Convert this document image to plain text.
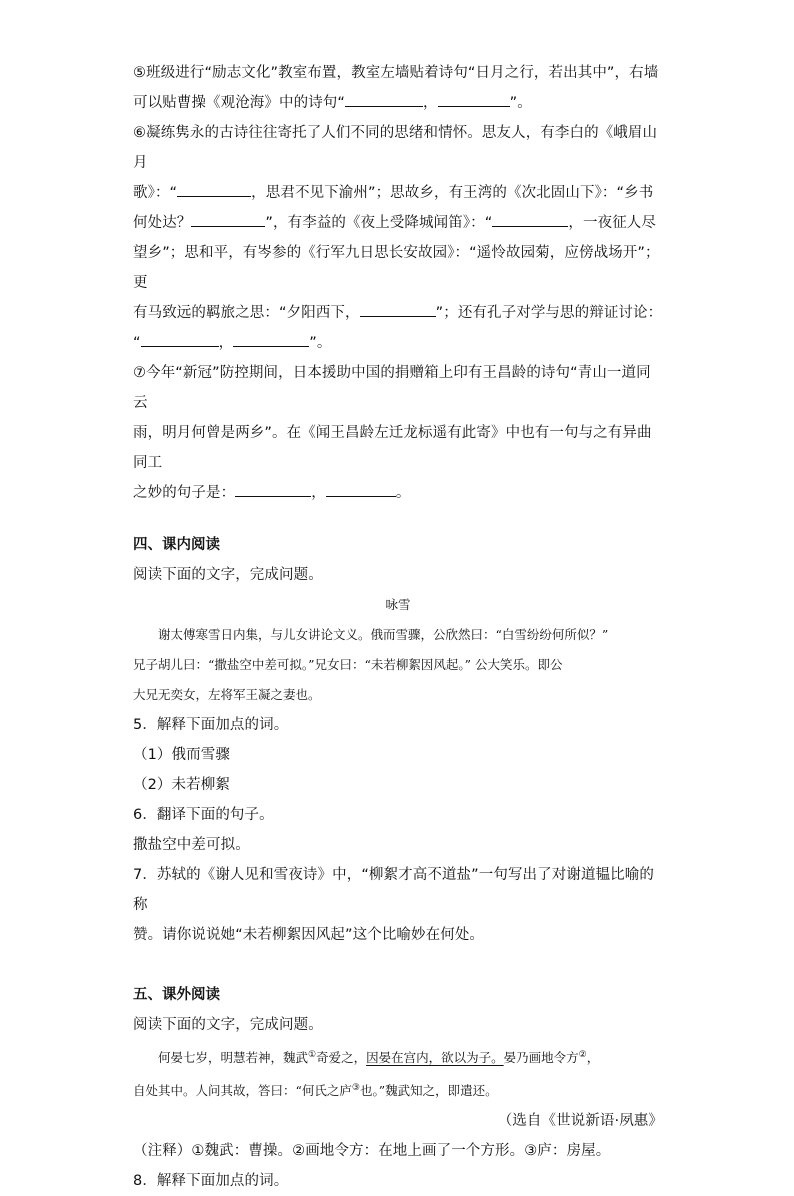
⑤班级进行“励志文化”教室布置，教室左墙贴着诗句“日月之行，若出其中”，右墙

可以贴曹操《观沧海》中的诗句“	，	”。

⑥凝练隽永的古诗往往寄托了人们不同的思绪和情怀。思友人，有李白的《峨眉山月

歌》：“	，思君不见下渝州”；思故乡，有王湾的《次北固山下》：“乡书

何处达？	”，有李益的《夜上受降城闻笛》：“	，一夜征人尽

望乡”；思和平，有岑参的《行军九日思长安故园》：“遥怜故园菊，应傍战场开”；更

有马致远的羁旅之思：“夕阳西下，	”；还有孔子对学与思的辩证讨论：

“	，	”。

⑦今年“新冠”防控期间，日本援助中国的捐赠箱上印有王昌龄的诗句“青山一道同云

雨，明月何曾是两乡”。在《闻王昌龄左迁龙标遥有此寄》中也有一句与之有异曲同工

之妙的句子是：	，	。

四、课内阅读

阅读下面的文字，完成问题。

咏雪

谢太傅寒雪日内集，与儿女讲论文义。俄而雪骤，公欣然曰：“白雪纷纷何所似？”

兄子胡儿曰：“撒盐空中差可拟。”兄女曰：“未若柳絮因风起。” 公大笑乐。即公

大兄无奕女，左将军王凝之妻也。

5．解释下面加点的词。

（1）俄而雪骤

（2）未若柳絮

6．翻译下面的句子。

撒盐空中差可拟。

7．苏轼的《谢人见和雪夜诗》中，“柳絮才高不道盐”一句写出了对谢道韫比喻的称

赞。请你说说她“未若柳絮因风起”这个比喻妙在何处。

五、课外阅读

阅读下面的文字，完成问题。

何晏七岁，明慧若神，魏武①奇爱之，因晏在宫内，欲以为子。晏乃画地令方②，

自处其中。人问其故，答曰：“何氏之庐③也。”魏武知之，即遣还。

（选自《世说新语·夙惠》

（注释）①魏武：曹操。②画地令方：在地上画了一个方形。③庐：房屋。

8．解释下面加点的词。
